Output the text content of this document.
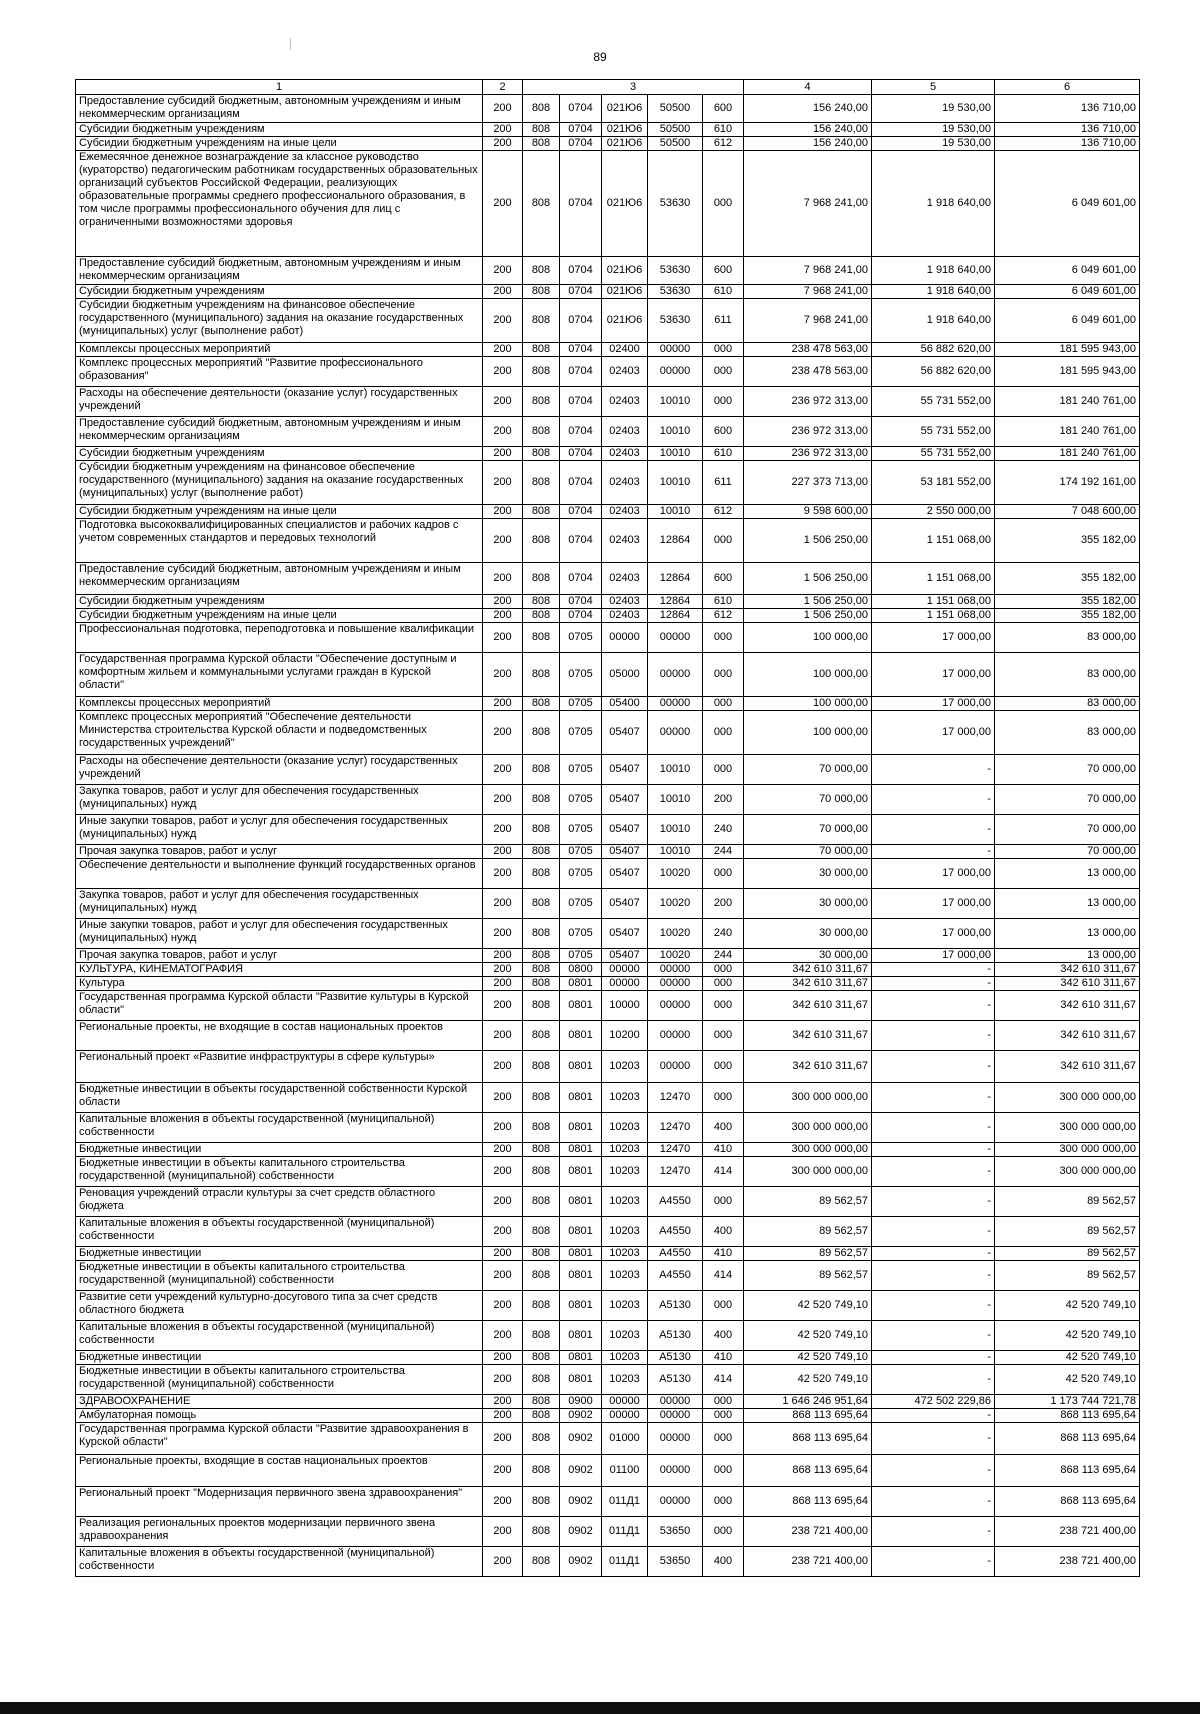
89
1	2	3					4	5	6
Предоставление субсидий бюджетным, автономным учреждениям и иным некоммерческим организациям	200	808	0704	021Ю6	50500	600	156 240,00	19 530,00	136 710,00
Субсидии бюджетным учреждениям	200	808	0704	021Ю6	50500	610	156 240,00	19 530,00	136 710,00
Субсидии бюджетным учреждениям на иные цели	200	808	0704	021Ю6	50500	612	156 240,00	19 530,00	136 710,00
Ежемесячное денежное вознаграждение за классное руководство (кураторство) педагогическим работникам государственных образовательных организаций субъектов Российской Федерации, реализующих образовательные программы среднего профессионального образования, в том числе программы профессионального обучения для лиц с ограниченными возможностями здоровья	200	808	0704	021Ю6	53630	000	7 968 241,00	1 918 640,00	6 049 601,00
Предоставление субсидий бюджетным, автономным учреждениям и иным некоммерческим организациям	200	808	0704	021Ю6	53630	600	7 968 241,00	1 918 640,00	6 049 601,00
Субсидии бюджетным учреждениям	200	808	0704	021Ю6	53630	610	7 968 241,00	1 918 640,00	6 049 601,00
Субсидии бюджетным учреждениям на финансовое обеспечение государственного (муниципального) задания на оказание государственных (муниципальных) услуг (выполнение работ)	200	808	0704	021Ю6	53630	611	7 968 241,00	1 918 640,00	6 049 601,00
Комплексы процессных мероприятий	200	808	0704	02400	00000	000	238 478 563,00	56 882 620,00	181 595 943,00
Комплекс процессных мероприятий "Развитие профессионального образования"	200	808	0704	02403	00000	000	238 478 563,00	56 882 620,00	181 595 943,00
Расходы на обеспечение деятельности (оказание услуг) государственных учреждений	200	808	0704	02403	10010	000	236 972 313,00	55 731 552,00	181 240 761,00
Предоставление субсидий бюджетным, автономным учреждениям и иным некоммерческим организациям	200	808	0704	02403	10010	600	236 972 313,00	55 731 552,00	181 240 761,00
Субсидии бюджетным учреждениям	200	808	0704	02403	10010	610	236 972 313,00	55 731 552,00	181 240 761,00
Субсидии бюджетным учреждениям на финансовое обеспечение государственного (муниципального) задания на оказание государственных (муниципальных) услуг (выполнение работ)	200	808	0704	02403	10010	611	227 373 713,00	53 181 552,00	174 192 161,00
Субсидии бюджетным учреждениям на иные цели	200	808	0704	02403	10010	612	9 598 600,00	2 550 000,00	7 048 600,00
Подготовка высококвалифицированных специалистов и рабочих кадров с учетом современных стандартов и передовых технологий	200	808	0704	02403	12864	000	1 506 250,00	1 151 068,00	355 182,00
Предоставление субсидий бюджетным, автономным учреждениям и иным некоммерческим организациям	200	808	0704	02403	12864	600	1 506 250,00	1 151 068,00	355 182,00
Субсидии бюджетным учреждениям	200	808	0704	02403	12864	610	1 506 250,00	1 151 068,00	355 182,00
Субсидии бюджетным учреждениям на иные цели	200	808	0704	02403	12864	612	1 506 250,00	1 151 068,00	355 182,00
Профессиональная подготовка, переподготовка и повышение квалификации	200	808	0705	00000	00000	000	100 000,00	17 000,00	83 000,00
Государственная программа Курской области "Обеспечение доступным и комфортным жильем и коммунальными услугами граждан в Курской области"	200	808	0705	05000	00000	000	100 000,00	17 000,00	83 000,00
Комплексы процессных мероприятий	200	808	0705	05400	00000	000	100 000,00	17 000,00	83 000,00
Комплекс процессных мероприятий "Обеспечение деятельности Министерства строительства Курской области и подведомственных государственных учреждений"	200	808	0705	05407	00000	000	100 000,00	17 000,00	83 000,00
Расходы на обеспечение деятельности (оказание услуг) государственных учреждений	200	808	0705	05407	10010	000	70 000,00	-	70 000,00
Закупка товаров, работ и услуг для обеспечения государственных (муниципальных) нужд	200	808	0705	05407	10010	200	70 000,00	-	70 000,00
Иные закупки товаров, работ и услуг для обеспечения государственных (муниципальных) нужд	200	808	0705	05407	10010	240	70 000,00	-	70 000,00
Прочая закупка товаров, работ и услуг	200	808	0705	05407	10010	244	70 000,00	-	70 000,00
Обеспечение деятельности и выполнение функций государственных органов	200	808	0705	05407	10020	000	30 000,00	17 000,00	13 000,00
Закупка товаров, работ и услуг для обеспечения государственных (муниципальных) нужд	200	808	0705	05407	10020	200	30 000,00	17 000,00	13 000,00
Иные закупки товаров, работ и услуг для обеспечения государственных (муниципальных) нужд	200	808	0705	05407	10020	240	30 000,00	17 000,00	13 000,00
Прочая закупка товаров, работ и услуг	200	808	0705	05407	10020	244	30 000,00	17 000,00	13 000,00
КУЛЬТУРА, КИНЕМАТОГРАФИЯ	200	808	0800	00000	00000	000	342 610 311,67	-	342 610 311,67
Культура	200	808	0801	00000	00000	000	342 610 311,67	-	342 610 311,67
Государственная программа Курской области "Развитие культуры в Курской области"	200	808	0801	10000	00000	000	342 610 311,67	-	342 610 311,67
Региональные проекты, не входящие в состав национальных проектов	200	808	0801	10200	00000	000	342 610 311,67	-	342 610 311,67
Региональный проект «Развитие инфраструктуры в сфере культуры»	200	808	0801	10203	00000	000	342 610 311,67	-	342 610 311,67
Бюджетные инвестиции в объекты государственной собственности Курской области	200	808	0801	10203	12470	000	300 000 000,00	-	300 000 000,00
Капитальные вложения в объекты государственной (муниципальной) собственности	200	808	0801	10203	12470	400	300 000 000,00	-	300 000 000,00
Бюджетные инвестиции	200	808	0801	10203	12470	410	300 000 000,00	-	300 000 000,00
Бюджетные инвестиции в объекты капитального строительства государственной (муниципальной) собственности	200	808	0801	10203	12470	414	300 000 000,00	-	300 000 000,00
Реновация учреждений отрасли культуры за счет средств областного бюджета	200	808	0801	10203	A4550	000	89 562,57	-	89 562,57
Капитальные вложения в объекты государственной (муниципальной) собственности	200	808	0801	10203	A4550	400	89 562,57	-	89 562,57
Бюджетные инвестиции	200	808	0801	10203	A4550	410	89 562,57	-	89 562,57
Бюджетные инвестиции в объекты капитального строительства государственной (муниципальной) собственности	200	808	0801	10203	A4550	414	89 562,57	-	89 562,57
Развитие сети учреждений культурно-досугового типа за счет средств областного бюджета	200	808	0801	10203	A5130	000	42 520 749,10	-	42 520 749,10
Капитальные вложения в объекты государственной (муниципальной) собственности	200	808	0801	10203	A5130	400	42 520 749,10	-	42 520 749,10
Бюджетные инвестиции	200	808	0801	10203	A5130	410	42 520 749,10	-	42 520 749,10
Бюджетные инвестиции в объекты капитального строительства государственной (муниципальной) собственности	200	808	0801	10203	A5130	414	42 520 749,10	-	42 520 749,10
ЗДРАВООХРАНЕНИЕ	200	808	0900	00000	00000	000	1 646 246 951,64	472 502 229,86	1 173 744 721,78
Амбулаторная помощь	200	808	0902	00000	00000	000	868 113 695,64	-	868 113 695,64
Государственная программа Курской области "Развитие здравоохранения в Курской области"	200	808	0902	01000	00000	000	868 113 695,64	-	868 113 695,64
Региональные проекты, входящие в состав национальных проектов	200	808	0902	01100	00000	000	868 113 695,64	-	868 113 695,64
Региональный проект "Модернизация первичного звена здравоохранения"	200	808	0902	011Д1	00000	000	868 113 695,64	-	868 113 695,64
Реализация региональных проектов модернизации первичного звена здравоохранения	200	808	0902	011Д1	53650	000	238 721 400,00	-	238 721 400,00
Капитальные вложения в объекты государственной (муниципальной) собственности	200	808	0902	011Д1	53650	400	238 721 400,00	-	238 721 400,00
